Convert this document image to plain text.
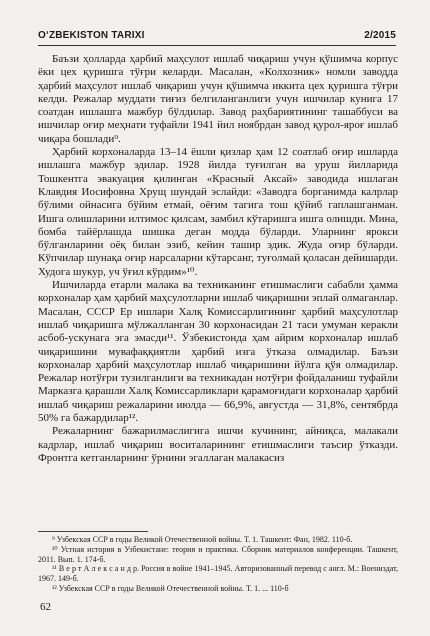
O‘ZBEKISTON TARIXI	2/2015

Баъзи ҳолларда ҳарбий маҳсулот ишлаб чиқариш учун қўшимча корпус ёки цех қуришга тўғри келарди. Масалан, «Колхозник» номли заводда ҳарбий маҳсулот ишлаб чиқариш учун қўшимча иккита цех қуришга тўғри келди. Режалар муддати тиғиз белгиланганлиги учун ишчилар кунига 17 соатдан ишлашга мажбур бўлдилар. Завод раҳбариятининг ташаббуси ва ишчилар оғир меҳнати туфайли 1941 йил ноябрдан завод қурол-яроғ ишлаб чиқара бошлади⁹.

Ҳарбий корхоналарда 13–14 ёшли қизлар ҳам 12 соатлаб оғир ишларда ишлашга мажбур эдилар. 1928 йилда туғилган ва уруш йилларида Тошкентга эвакуация қилинган «Красный Аксай» заводида ишлаган Клавдия Иосифовна Хрущ шундай эслайди: «Заводга борганимда калрлар бўлими ойнасига бўйим етмай, оёғим тагига тош қўйиб гаплашганман. Ишга олишларини илтимос қилсам, замбил кўтаришга ишга олишди. Мина, бомба тайёрлашда шишка деган модда бўларди. Уларнинг ярокси бўлганларини оёқ билан эзиб, кейин ташир эдик. Жуда оғир бўларди. Кўпчилар шунақа оғир нарсаларни кўтарсанг, туғолмай қоласан дейишарди. Худога шукур, уч ўғил кўрдим»¹⁰.

Ишчиларда етарли малака ва техниканинг етишмаслиги сабабли ҳамма корхоналар ҳам ҳарбий маҳсулотларни ишлаб чиқаришни эплай олмаганлар. Масалан, СССР Ер ишлари Халқ Комиссарлигининг ҳарбий маҳсулотлар ишлаб чиқаришга мўлжалланган 30 корхонасидан 21 таси умуман керакли асбоб-ускунага эга эмасди¹¹. Ўзбекистонда ҳам айрим корхоналар ишлаб чиқаришини мувафаққиятли ҳарбий изга ўтказа олмадилар. Баъзи корхоналар ҳарбий маҳсулотлар ишлаб чиқаришини йўлга қўя олмадилар. Режалар нотўғри тузилганлиги ва техникадан нотўғри фойдаланиш туфайли Марказга қарашли Халқ Комиссарликлари қарамоғидаги корхоналар ҳарбий ишлаб чиқариш режаларини июлда — 66,9%, августда — 31,8%, сентябрда 50% га бажардилар¹².

Режаларнинг бажарилмаслигига ишчи кучининг, айниқса, малакали кадрлар, ишлаб чиқариш воситаларининг етишмаслиги таъсир ўтказди. Фронтга кетганларнинг ўрнини эгаллаган малакасиз

⁹ Узбекская ССР в годы Великой Отечественной войны. Т. 1. Ташкент: Фан, 1982. 110-б.

¹⁰ Устная история в Узбекистане: теория и практика. Сборник материалов конференции. Ташкент, 2011. Вып. 1. 174-б.

¹¹ В е р т А л е к с а н д р. Россия в войне 1941–1945. Авторизованный перевод с англ. М.: Воениздат, 1967. 149-б.

¹² Узбекская ССР в годы Великой Отечественной войны. Т. 1. ... 110-б

62
